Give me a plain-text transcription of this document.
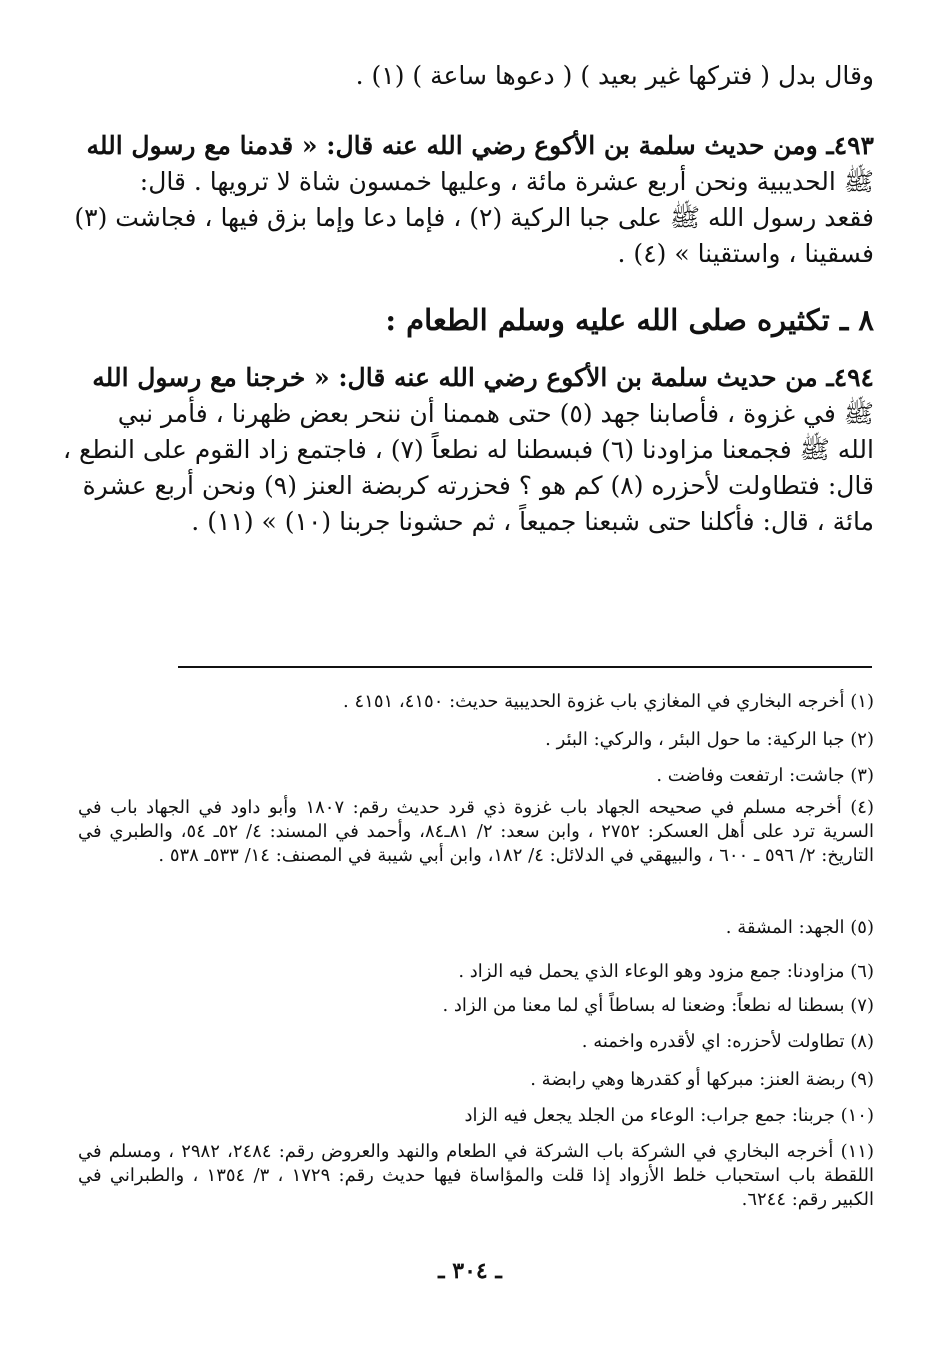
وقال بدل ( فتركها غير بعيد ) ( دعوها ساعة ) (١) .
٤٩٣ـ ومن حديث سلمة بن الأكوع رضي الله عنه قال: « قدمنا مع رسول الله
ﷺ الحديبية ونحن أربع عشرة مائة ، وعليها خمسون شاة لا ترويها . قال:
فقعد رسول الله ﷺ على جبا الركية (٢) ، فإما دعا وإما بزق فيها ، فجاشت (٣)
فسقينا ، واستقينا » (٤) .
٨ ـ تكثيره صلى الله عليه وسلم الطعام :
٤٩٤ـ من حديث سلمة بن الأكوع رضي الله عنه قال: « خرجنا مع رسول الله
ﷺ في غزوة ، فأصابنا جهد (٥) حتى هممنا أن ننحر بعض ظهرنا ، فأمر نبي
الله ﷺ فجمعنا مزاودنا (٦) فبسطنا له نطعاً (٧) ، فاجتمع زاد القوم على النطع ،
قال: فتطاولت لأحزره (٨) كم هو ؟ فحزرته كربضة العنز (٩) ونحن أربع عشرة
مائة ، قال: فأكلنا حتى شبعنا جميعاً ، ثم حشونا جربنا (١٠) » (١١) .
(١) أخرجه البخاري في المغازي باب غزوة الحديبية حديث: ٤١٥٠، ٤١٥١ .
(٢) جبا الركية: ما حول البئر ، والركي: البئر .
(٣) جاشت: ارتفعت وفاضت .
(٤) أخرجه مسلم في صحيحه الجهاد باب غزوة ذي قرد حديث رقم: ١٨٠٧ وأبو داود في الجهاد باب في السرية ترد على أهل العسكر: ٢٧٥٢ ، وابن سعد: ٢/ ٨١ـ٨٤، وأحمد في المسند: ٤/ ٥٢ـ ٥٤، والطبري في التاريخ: ٢/ ٥٩٦ ـ ٦٠٠ ، والبيهقي في الدلائل: ٤/ ١٨٢، وابن أبي شيبة في المصنف: ١٤/ ٥٣٣ـ ٥٣٨ .
(٥) الجهد: المشقة .
(٦) مزاودنا: جمع مزود وهو الوعاء الذي يحمل فيه الزاد .
(٧) بسطنا له نطعاً: وضعنا له بساطاً أي لما معنا من الزاد .
(٨) تطاولت لأحزره: اي لأقدره واخمنه .
(٩) ربضة العنز: مبركها أو كقدرها وهي رابضة .
(١٠) جربنا: جمع جراب: الوعاء من الجلد يجعل فيه الزاد
(١١) أخرجه البخاري في الشركة باب الشركة في الطعام والنهد والعروض رقم: ٢٤٨٤، ٢٩٨٢ ، ومسلم في اللقطة باب استحباب خلط الأزواد إذا قلت والمؤاساة فيها حديث رقم: ١٧٢٩ ، ٣/ ١٣٥٤ ، والطبراني في الكبير رقم: ٦٢٤٤.
ـ ٣٠٤ ـ
